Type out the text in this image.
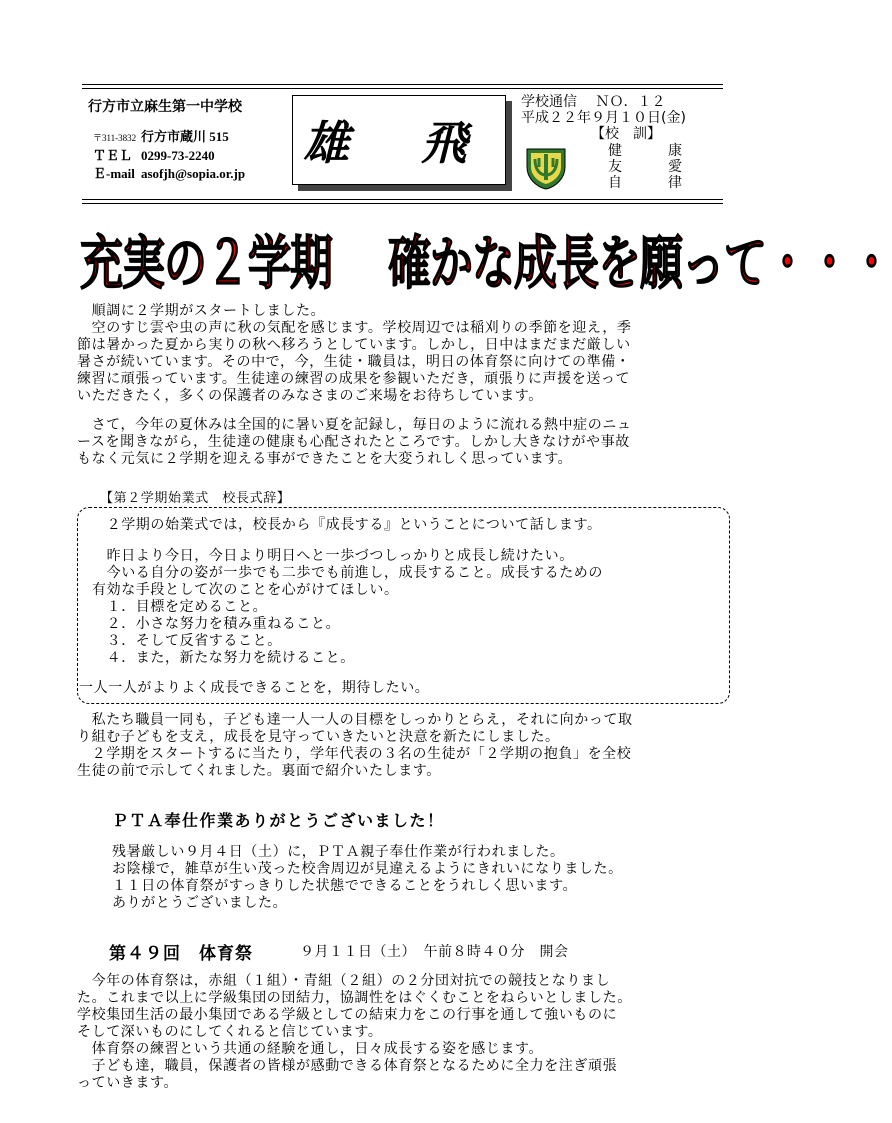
行方市立麻生第一中学校
〒311-3832 行方市蔵川 515
ＴＥＬ 0299-73-2240
Ｅ-mail asofjh@sopia.or.jp
雄 飛
学校通信　 ＮＯ．１２
平成２２年９月１０日(金)
【校　訓】
健　康
友　愛
自　律
充実の２学期　 確かな成長を願って・・・
　順調に２学期がスタートしました。
　空のすじ雲や虫の声に秋の気配を感じます。学校周辺では稲刈りの季節を迎え，季
節は暑かった夏から実りの秋へ移ろうとしています。しかし，日中はまだまだ厳しい
暑さが続いています。その中で，今，生徒・職員は，明日の体育祭に向けての準備・
練習に頑張っています。生徒達の練習の成果を参観いただき，頑張りに声援を送って
いただきたく，多くの保護者のみなさまのご来場をお待ちしています。
　さて，今年の夏休みは全国的に暑い夏を記録し，毎日のように流れる熱中症のニュ
ースを聞きながら，生徒達の健康も心配されたところです。しかし大きなけがや事故
もなく元気に２学期を迎える事ができたことを大変うれしく思っています。
【第２学期始業式　校長式辞】
　２学期の始業式では，校長から『成長する』ということについて話します。
　昨日より今日，今日より明日へと一歩づつしっかりと成長し続けたい。
　今いる自分の姿が一歩でも二歩でも前進し，成長すること。成長するための
有効な手段として次のことを心がけてほしい。
　１．目標を定めること。
　２．小さな努力を積み重ねること。
　３．そして反省すること。
　４．また，新たな努力を続けること。
一人一人がよりよく成長できることを，期待したい。
　私たち職員一同も，子ども達一人一人の目標をしっかりとらえ，それに向かって取
り組む子どもを支え，成長を見守っていきたいと決意を新たにしました。
　２学期をスタートするに当たり，学年代表の３名の生徒が「２学期の抱負」を全校
生徒の前で示してくれました。裏面で紹介いたします。
ＰＴＡ奉仕作業ありがとうございました！
残暑厳しい９月４日（土）に，ＰＴＡ親子奉仕作業が行われました。
お陰様で，雑草が生い茂った校舎周辺が見違えるようにきれいになりました。
１１日の体育祭がすっきりした状態でできることをうれしく思います。
ありがとうございました。
第４９回　体育祭	９月１１日（土）　午前８時４０分　開会
　今年の体育祭は，赤組（１組）・青組（２組）の２分団対抗での競技となりまし
た。これまで以上に学級集団の団結力，協調性をはぐくむことをねらいとしました。
学校集団生活の最小集団である学級としての結束力をこの行事を通して強いものに
そして深いものにしてくれると信じています。
　体育祭の練習という共通の経験を通し，日々成長する姿を感じます。
　子ども達，職員，保護者の皆様が感動できる体育祭となるために全力を注ぎ頑張
っていきます。
